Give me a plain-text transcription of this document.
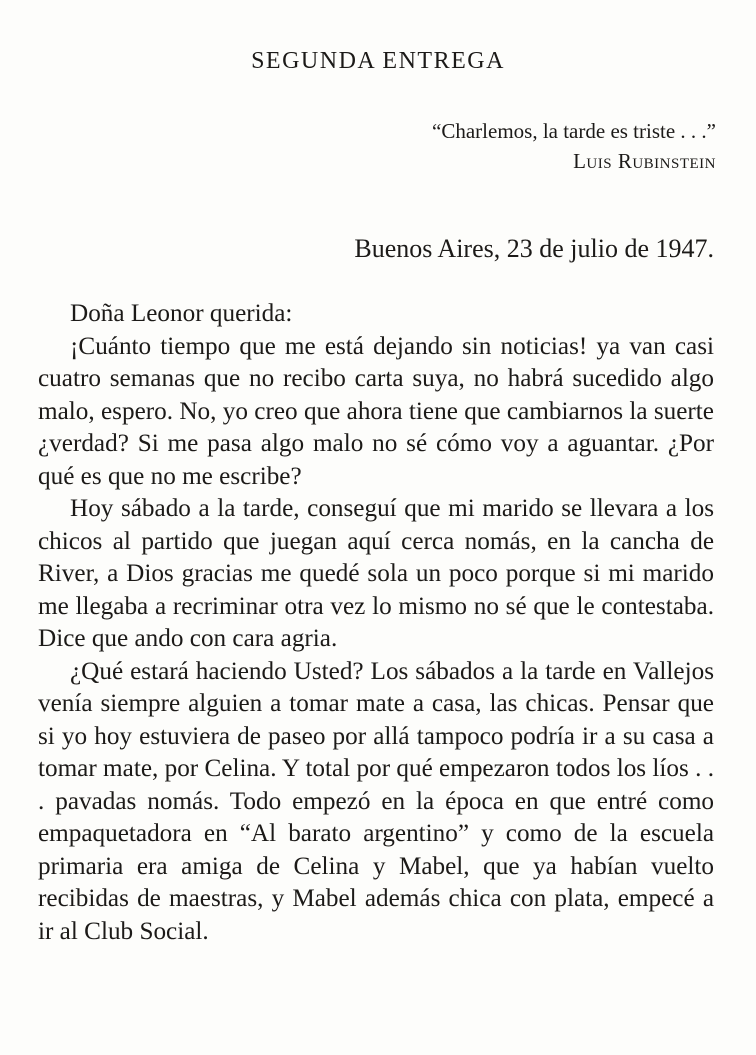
SEGUNDA ENTREGA
“Charlemos, la tarde es triste . . .”
Luis Rubinstein

Buenos Aires, 23 de julio de 1947.

Doña Leonor querida:

¡Cuánto tiempo que me está dejando sin noticias! ya van casi cuatro semanas que no recibo carta suya, no habrá sucedido algo malo, espero. No, yo creo que ahora tiene que cambiarnos la suerte ¿verdad? Si me pasa algo malo no sé cómo voy a aguantar. ¿Por qué es que no me escribe?

Hoy sábado a la tarde, conseguí que mi marido se llevara a los chicos al partido que juegan aquí cerca nomás, en la cancha de River, a Dios gracias me quedé sola un poco porque si mi marido me llegaba a recriminar otra vez lo mismo no sé que le contestaba. Dice que ando con cara agria.

¿Qué estará haciendo Usted? Los sábados a la tarde en Vallejos venía siempre alguien a tomar mate a casa, las chicas. Pensar que si yo hoy estuviera de paseo por allá tampoco podría ir a su casa a tomar mate, por Celina. Y total por qué empezaron todos los líos . . . pavadas nomás. Todo empezó en la época en que entré como empaquetadora en “Al barato argentino” y como de la escuela primaria era amiga de Celina y Mabel, que ya habían vuelto recibidas de maestras, y Mabel además chica con plata, empecé a ir al Club Social.
